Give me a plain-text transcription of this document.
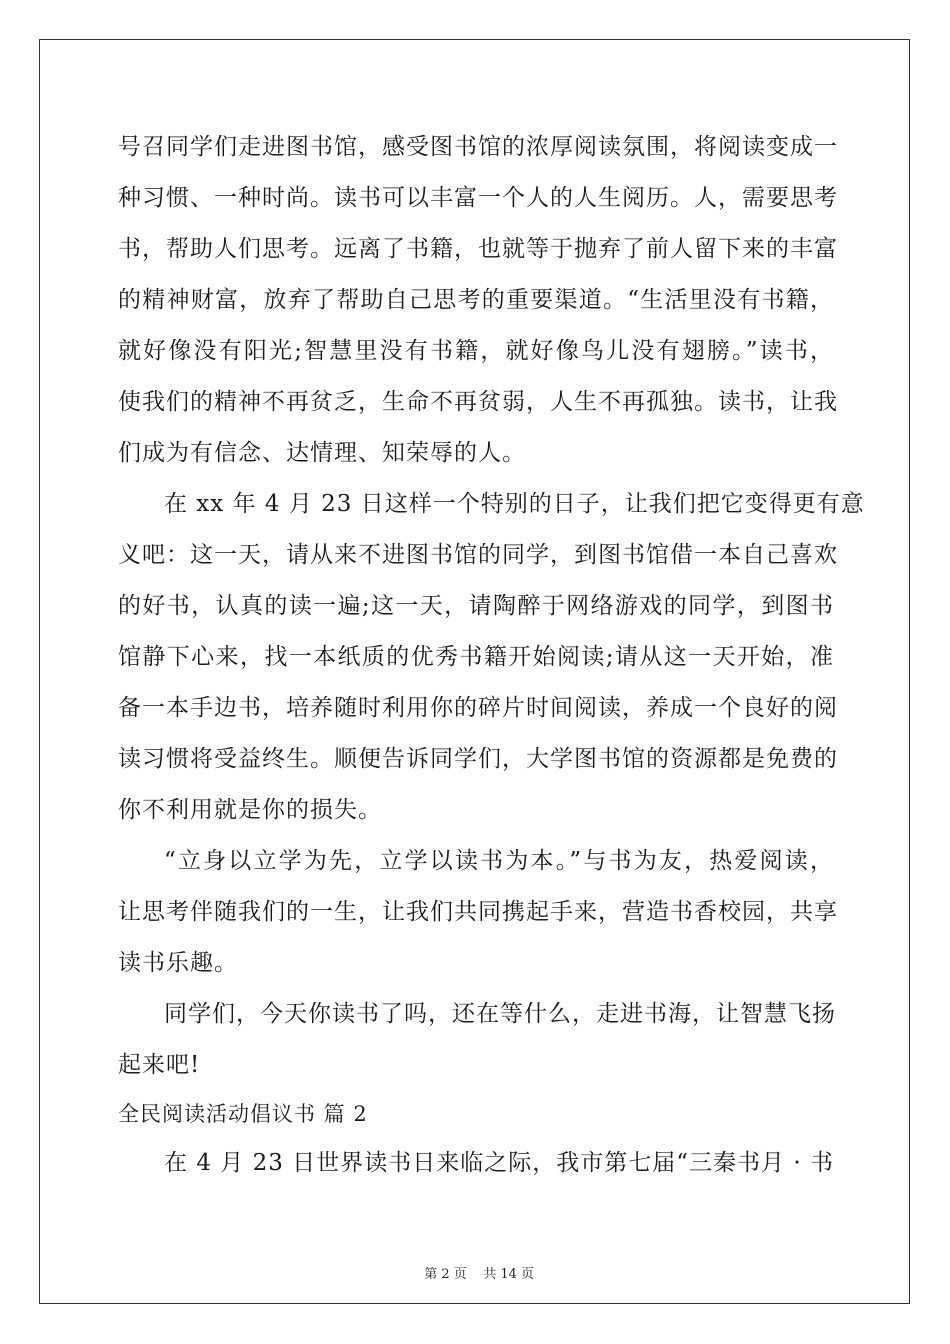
号召同学们走进图书馆，感受图书馆的浓厚阅读氛围，将阅读变成一
种习惯、一种时尚。读书可以丰富一个人的人生阅历。人，需要思考
书，帮助人们思考。远离了书籍，也就等于抛弃了前人留下来的丰富
的精神财富，放弃了帮助自己思考的重要渠道。“生活里没有书籍，
就好像没有阳光;智慧里没有书籍，就好像鸟儿没有翅膀。”读书，
使我们的精神不再贫乏，生命不再贫弱，人生不再孤独。读书，让我
们成为有信念、达情理、知荣辱的人。
在 xx 年 4 月 23 日这样一个特别的日子，让我们把它变得更有意
义吧：这一天，请从来不进图书馆的同学，到图书馆借一本自己喜欢
的好书，认真的读一遍;这一天，请陶醉于网络游戏的同学，到图书
馆静下心来，找一本纸质的优秀书籍开始阅读;请从这一天开始，准
备一本手边书，培养随时利用你的碎片时间阅读，养成一个良好的阅
读习惯将受益终生。顺便告诉同学们，大学图书馆的资源都是免费的
你不利用就是你的损失。
“立身以立学为先，立学以读书为本。”与书为友，热爱阅读，
让思考伴随我们的一生，让我们共同携起手来，营造书香校园，共享
读书乐趣。
同学们，今天你读书了吗，还在等什么，走进书海，让智慧飞扬
起来吧!
全民阅读活动倡议书 篇 2
在 4 月 23 日世界读书日来临之际，我市第七届“三秦书月 · 书

第 2 页    共 14 页
